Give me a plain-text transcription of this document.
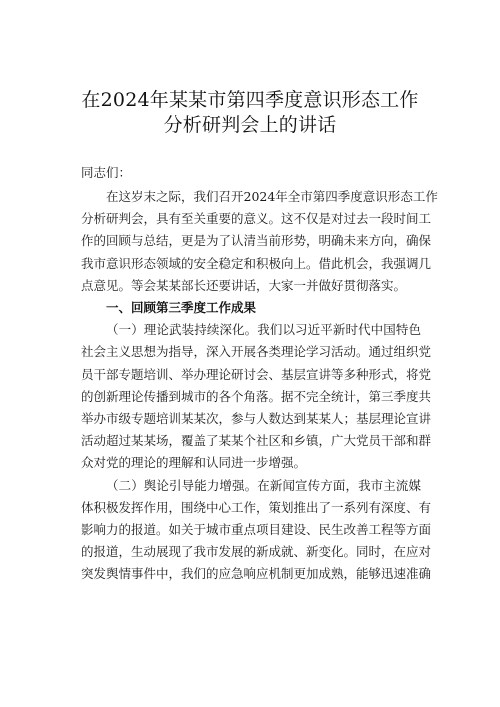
在2024年某某市第四季度意识形态工作
分析研判会上的讲话
同志们：
在这岁末之际，我们召开2024年全市第四季度意识形态工作
分析研判会，具有至关重要的意义。这不仅是对过去一段时间工
作的回顾与总结，更是为了认清当前形势，明确未来方向，确保
我市意识形态领域的安全稳定和积极向上。借此机会，我强调几
点意见。等会某某部长还要讲话，大家一并做好贯彻落实。
一、回顾第三季度工作成果
（一）理论武装持续深化。我们以习近平新时代中国特色
社会主义思想为指导，深入开展各类理论学习活动。通过组织党
员干部专题培训、举办理论研讨会、基层宣讲等多种形式，将党
的创新理论传播到城市的各个角落。据不完全统计，第三季度共
举办市级专题培训某某次，参与人数达到某某人；基层理论宣讲
活动超过某某场，覆盖了某某个社区和乡镇，广大党员干部和群
众对党的理论的理解和认同进一步增强。
（二）舆论引导能力增强。在新闻宣传方面，我市主流媒
体积极发挥作用，围绕中心工作，策划推出了一系列有深度、有
影响力的报道。如关于城市重点项目建设、民生改善工程等方面
的报道，生动展现了我市发展的新成就、新变化。同时，在应对
突发舆情事件中，我们的应急响应机制更加成熟，能够迅速准确
